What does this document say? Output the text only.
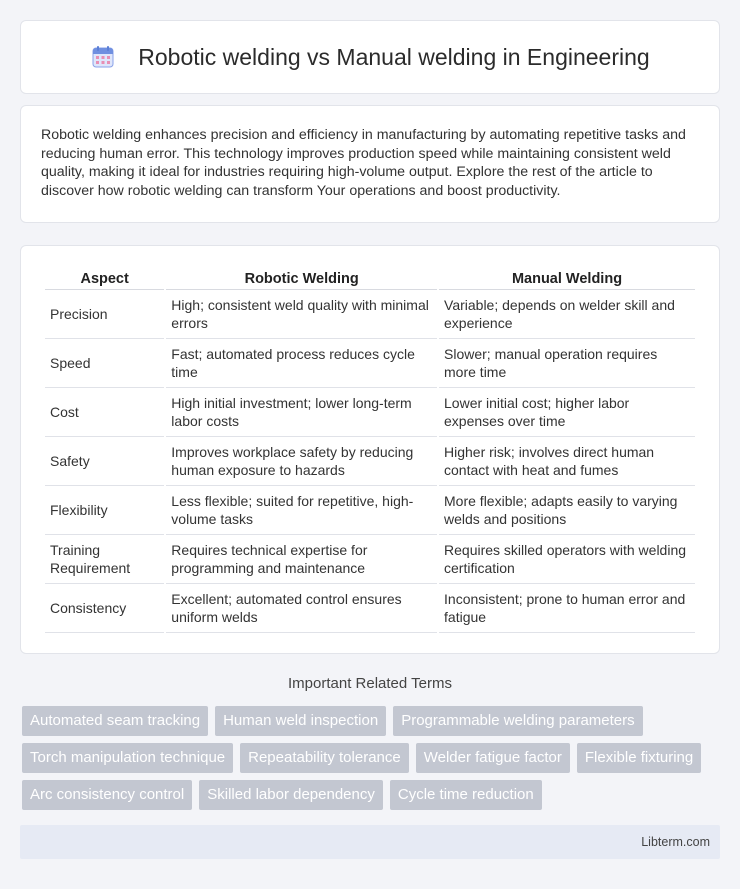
Robotic welding vs Manual welding in Engineering

Robotic welding enhances precision and efficiency in manufacturing by automating repetitive tasks and reducing human error. This technology improves production speed while maintaining consistent weld quality, making it ideal for industries requiring high-volume output. Explore the rest of the article to discover how robotic welding can transform Your operations and boost productivity.

Aspect	Robotic Welding	Manual Welding
Precision	High; consistent weld quality with minimal errors	Variable; depends on welder skill and experience
Speed	Fast; automated process reduces cycle time	Slower; manual operation requires more time
Cost	High initial investment; lower long-term labor costs	Lower initial cost; higher labor expenses over time
Safety	Improves workplace safety by reducing human exposure to hazards	Higher risk; involves direct human contact with heat and fumes
Flexibility	Less flexible; suited for repetitive, high-volume tasks	More flexible; adapts easily to varying welds and positions
Training Requirement	Requires technical expertise for programming and maintenance	Requires skilled operators with welding certification
Consistency	Excellent; automated control ensures uniform welds	Inconsistent; prone to human error and fatigue
Important Related Terms
Automated seam tracking	Human weld inspection	Programmable welding parameters
Torch manipulation technique	Repeatability tolerance	Welder fatigue factor	Flexible fixturing
Arc consistency control	Skilled labor dependency	Cycle time reduction
Libterm.com
